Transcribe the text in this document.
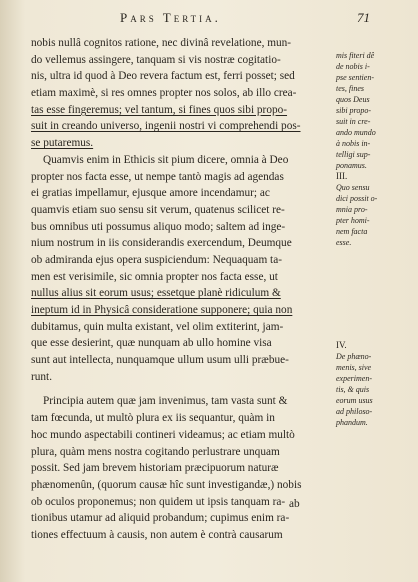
Pars Tertia.	71
nobis nullâ cognitos ratione, nec divinâ revelatione, mun-
do vellemus assingere, tanquam si vis nostræ cogitatio-
nis, ultra id quod à Deo revera factum est, ferri posset; sed
etiam maximè, si res omnes propter nos solos, ab illo crea-
tas esse fingeremus; vel tantum, si fines quos sibi propo-
suit in creando universo, ingenii nostri vi comprehendi pos-
se putaremus.
Quamvis enim in Ethicis sit pium dicere, omnia à Deo
propter nos facta esse, ut nempe tantò magis ad agendas
ei gratias impellamur, ejusque amore incendamur; ac
quamvis etiam suo sensu sit verum, quatenus scilicet re-
bus omnibus uti possumus aliquo modo; saltem ad inge-
nium nostrum in iis considerandis exercendum, Deumque
ob admiranda ejus opera suspiciendum: Nequaquam ta-
men est verisimile, sic omnia propter nos facta esse, ut
nullus alius sit eorum usus; essetque planè ridiculum &
ineptum id in Physicâ consideratione supponere; quia non
dubitamus, quin multa existant, vel olim extiterint, jam-
que esse desierint, quæ nunquam ab ullo homine visa
sunt aut intellecta, nunquamque ullum usum ulli præbue-
runt.
Principia autem quæ jam invenimus, tam vasta sunt &
tam fœcunda, ut multò plura ex iis sequantur, quàm in
hoc mundo aspectabili contineri videamus; ac etiam multò
plura, quàm mens nostra cogitando perlustrare unquam
possit. Sed jam brevem historiam præcipuorum naturæ
phænomenûn, (quorum causæ hîc sunt investigandæ,) nobis
ob oculos proponemus; non quidem ut ipsis tanquam ra-
tionibus utamur ad aliquid probandum; cupimus enim ra-
tiones effectuum à causis, non autem è contrà causarum
mis fiteri dê
de nobis i-
pse sentien-
tes, fines
quos Deus
sibi propo-
suit in cre-
ando mundo
à nobis in-
telligi sup-
ponamus.
III.
Quo sensu
dici possit o-
mnia pro-
pter homi-
nem facta
esse.
IV.
De phæno-
menis, sive
experimen-
tis, & quis
eorum usus
ad philoso-
phandum.
ab
